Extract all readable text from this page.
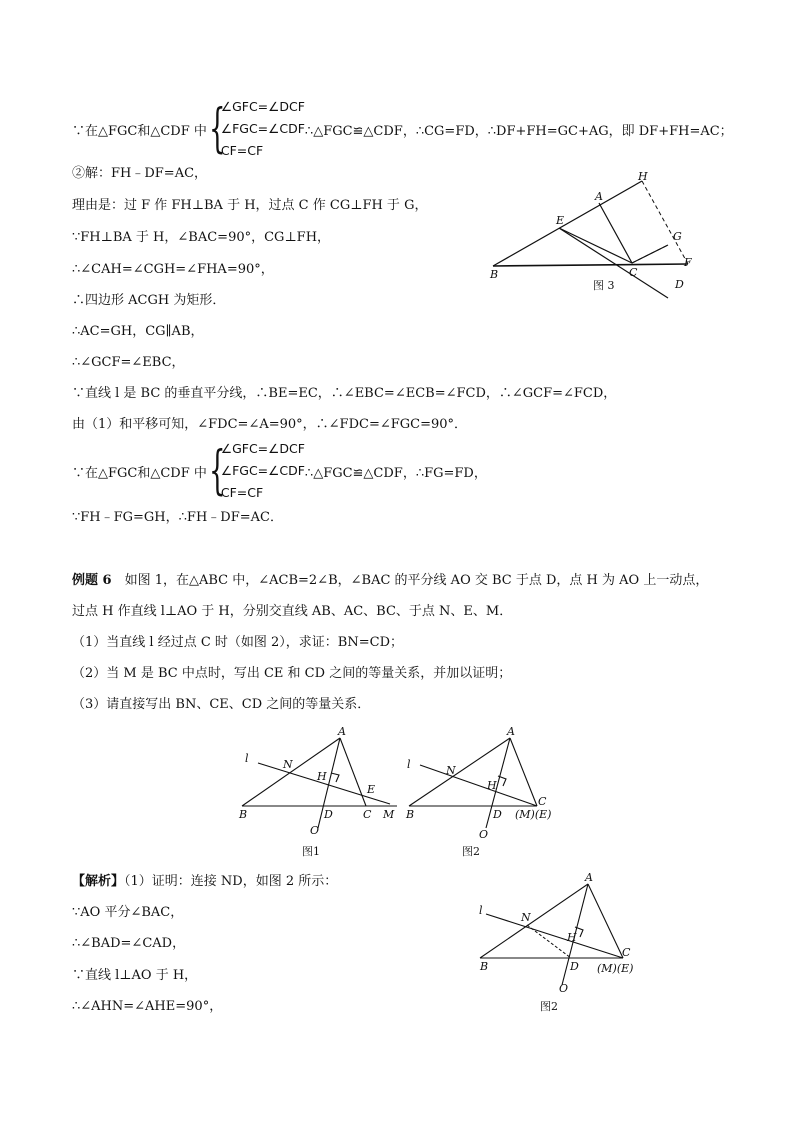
∵在△FGC和△CDF 中 {
∠GFC=∠DCF
∠FGC=∠CDF
CF=CF
∴△FGC≌△CDF，∴CG=FD，∴DF+FH=GC+AG，即 DF+FH=AC；
②解：FH﹣DF=AC，
理由是：过 F 作 FH⊥BA 于 H，过点 C 作 CG⊥FH 于 G，
∵FH⊥BA 于 H，∠BAC=90°，CG⊥FH，
∴∠CAH=∠CGH=∠FHA=90°，
∴四边形 ACGH 为矩形．
∴AC=GH，CG∥AB，
∴∠GCF=∠EBC，
∵直线 l 是 BC 的垂直平分线，∴BE=EC，∴∠EBC=∠ECB=∠FCD，∴∠GCF=∠FCD，
由（1）和平移可知，∠FDC=∠A=90°，∴∠FDC=∠FGC=90°．
∵在△FGC和△CDF 中 {
∠GFC=∠DCF
∠FGC=∠CDF
CF=CF
∴△FGC≌△CDF，∴FG=FD，
∵FH﹣FG=GH，∴FH﹣DF=AC．
例题 6　如图 1，在△ABC 中，∠ACB=2∠B，∠BAC 的平分线 AO 交 BC 于点 D，点 H 为 AO 上一动点，
过点 H 作直线 l⊥AO 于 H，分别交直线 AB、AC、BC、于点 N、E、M．
（1）当直线 l 经过点 C 时（如图 2），求证：BN=CD；
（2）当 M 是 BC 中点时，写出 CE 和 CD 之间的等量关系，并加以证明；
（3）请直接写出 BN、CE、CD 之间的等量关系．
【解析】（1）证明：连接 ND，如图 2 所示：
∵AO 平分∠BAC，
∴∠BAD=∠CAD，
∵直线 l⊥AO 于 H，
∴∠AHN=∠AHE=90°，
H
A
E
G
F
C
D
B
图 3
A
l	N
H
E
B	D	C M
O
图1
A
l	N
H
C
B	D (M)(E)
O
图2
A
l
N
H
C
B	D (M)(E)
O
图2
